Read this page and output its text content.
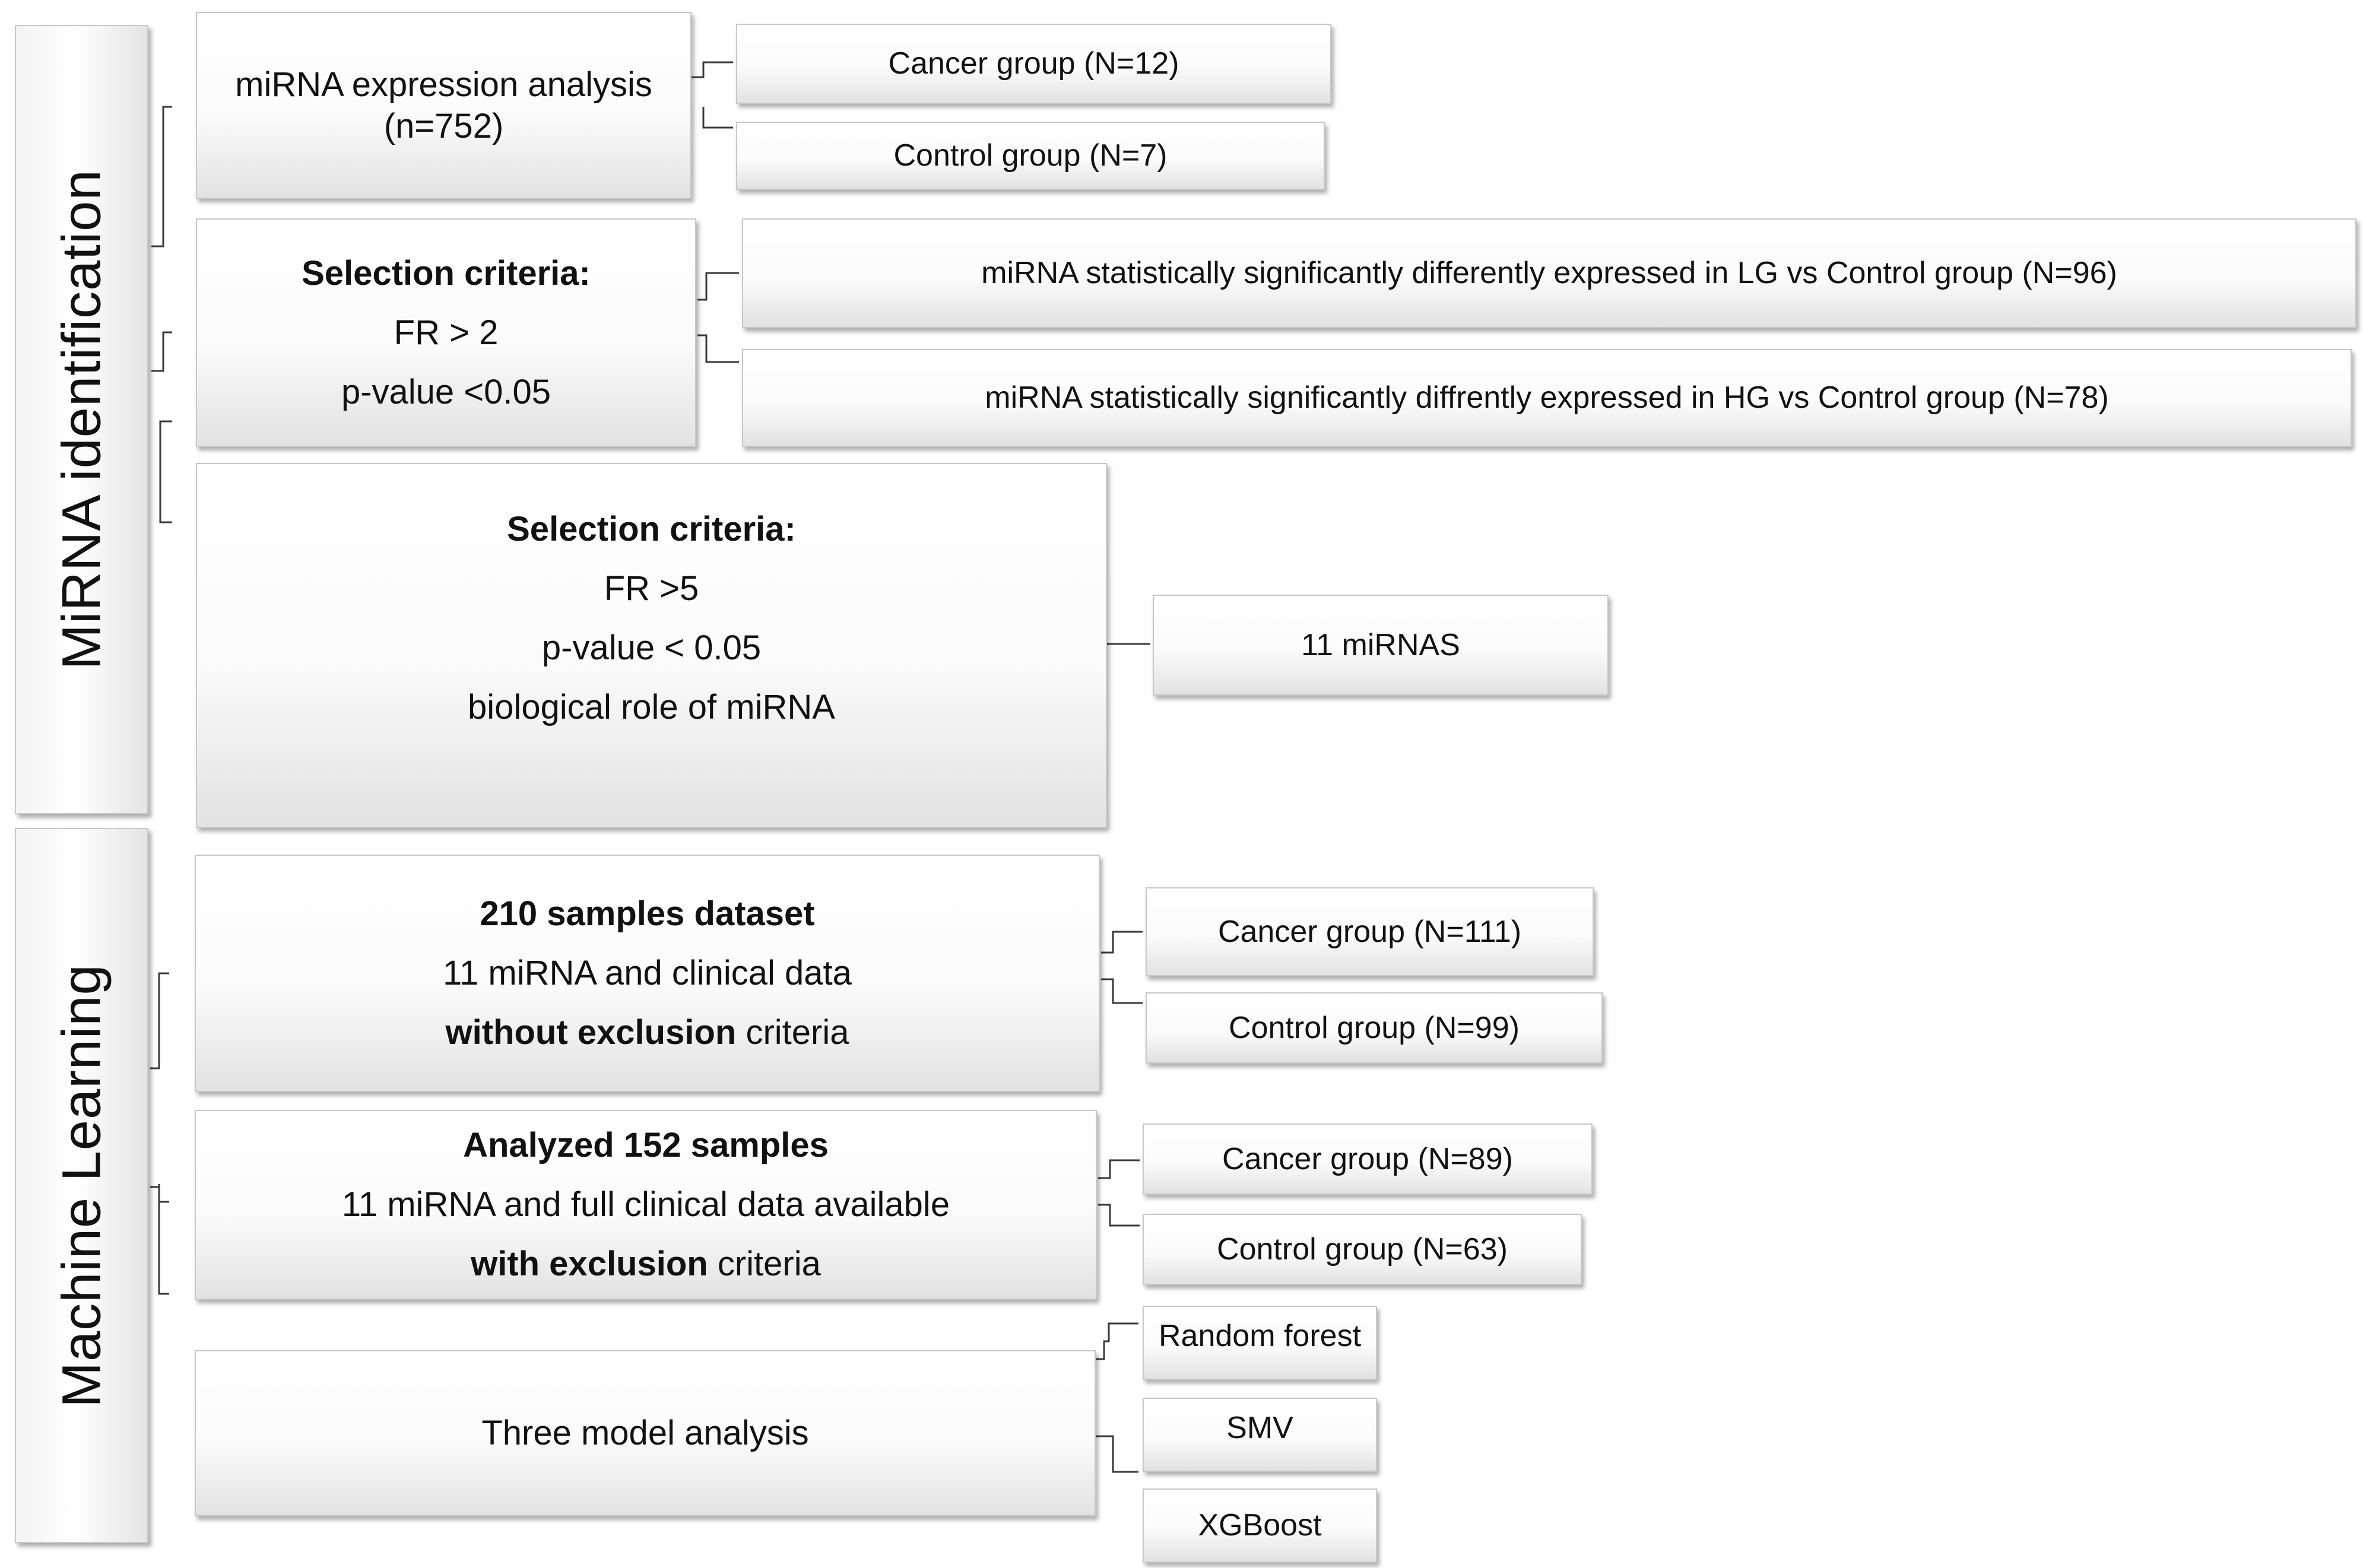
MiRNA identification
Machine Learning
miRNA expression analysis
(n=752)
Cancer group (N=12)
Control group (N=7)
Selection criteria:
FR > 2
p-value <0.05
miRNA statistically significantly differently expressed in LG vs Control group (N=96)
miRNA statistically significantly diffrently expressed in HG vs Control group (N=78)
Selection criteria:
FR >5
p-value < 0.05
biological role of miRNA
11 miRNAS
210 samples dataset
11 miRNA and clinical data
without exclusion criteria
Cancer group (N=111)
Control group (N=99)
Analyzed 152 samples
11 miRNA and full clinical data available
with exclusion criteria
Cancer group (N=89)
Control group (N=63)
Three model analysis
Random forest
SMV
XGBoost
